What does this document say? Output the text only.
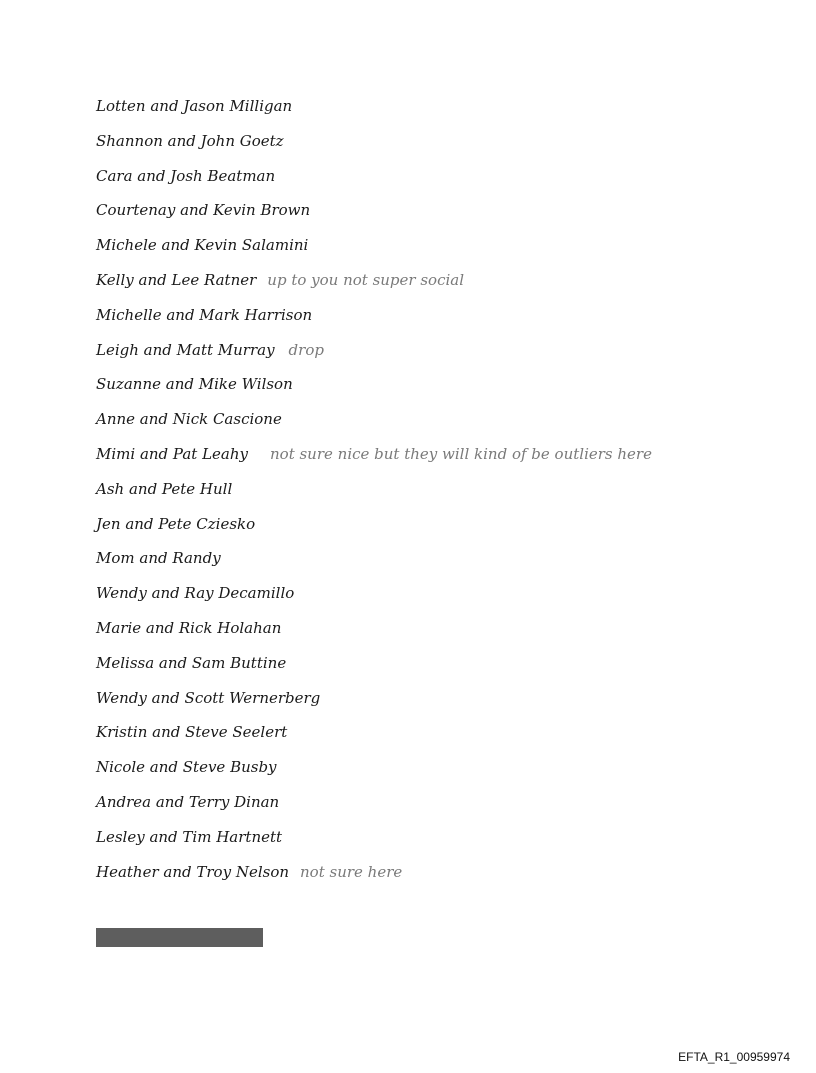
Lotten and Jason Milligan
Shannon and John Goetz
Cara and Josh Beatman
Courtenay and Kevin Brown
Michele and Kevin Salamini
Kelly and Lee Ratner up to you not super social
Michelle and Mark Harrison
Leigh and Matt Murray drop
Suzanne and Mike Wilson
Anne and Nick Cascione
Mimi and Pat Leahy not sure nice but they will kind of be outliers here
Ash and Pete Hull
Jen and Pete Cziesko
Mom and Randy
Wendy and Ray Decamillo
Marie and Rick Holahan
Melissa and Sam Buttine
Wendy and Scott Wernerberg
Kristin and Steve Seelert
Nicole and Steve Busby
Andrea and Terry Dinan
Lesley and Tim Hartnett
Heather and Troy Nelson not sure here
EFTA_R1_00959974
